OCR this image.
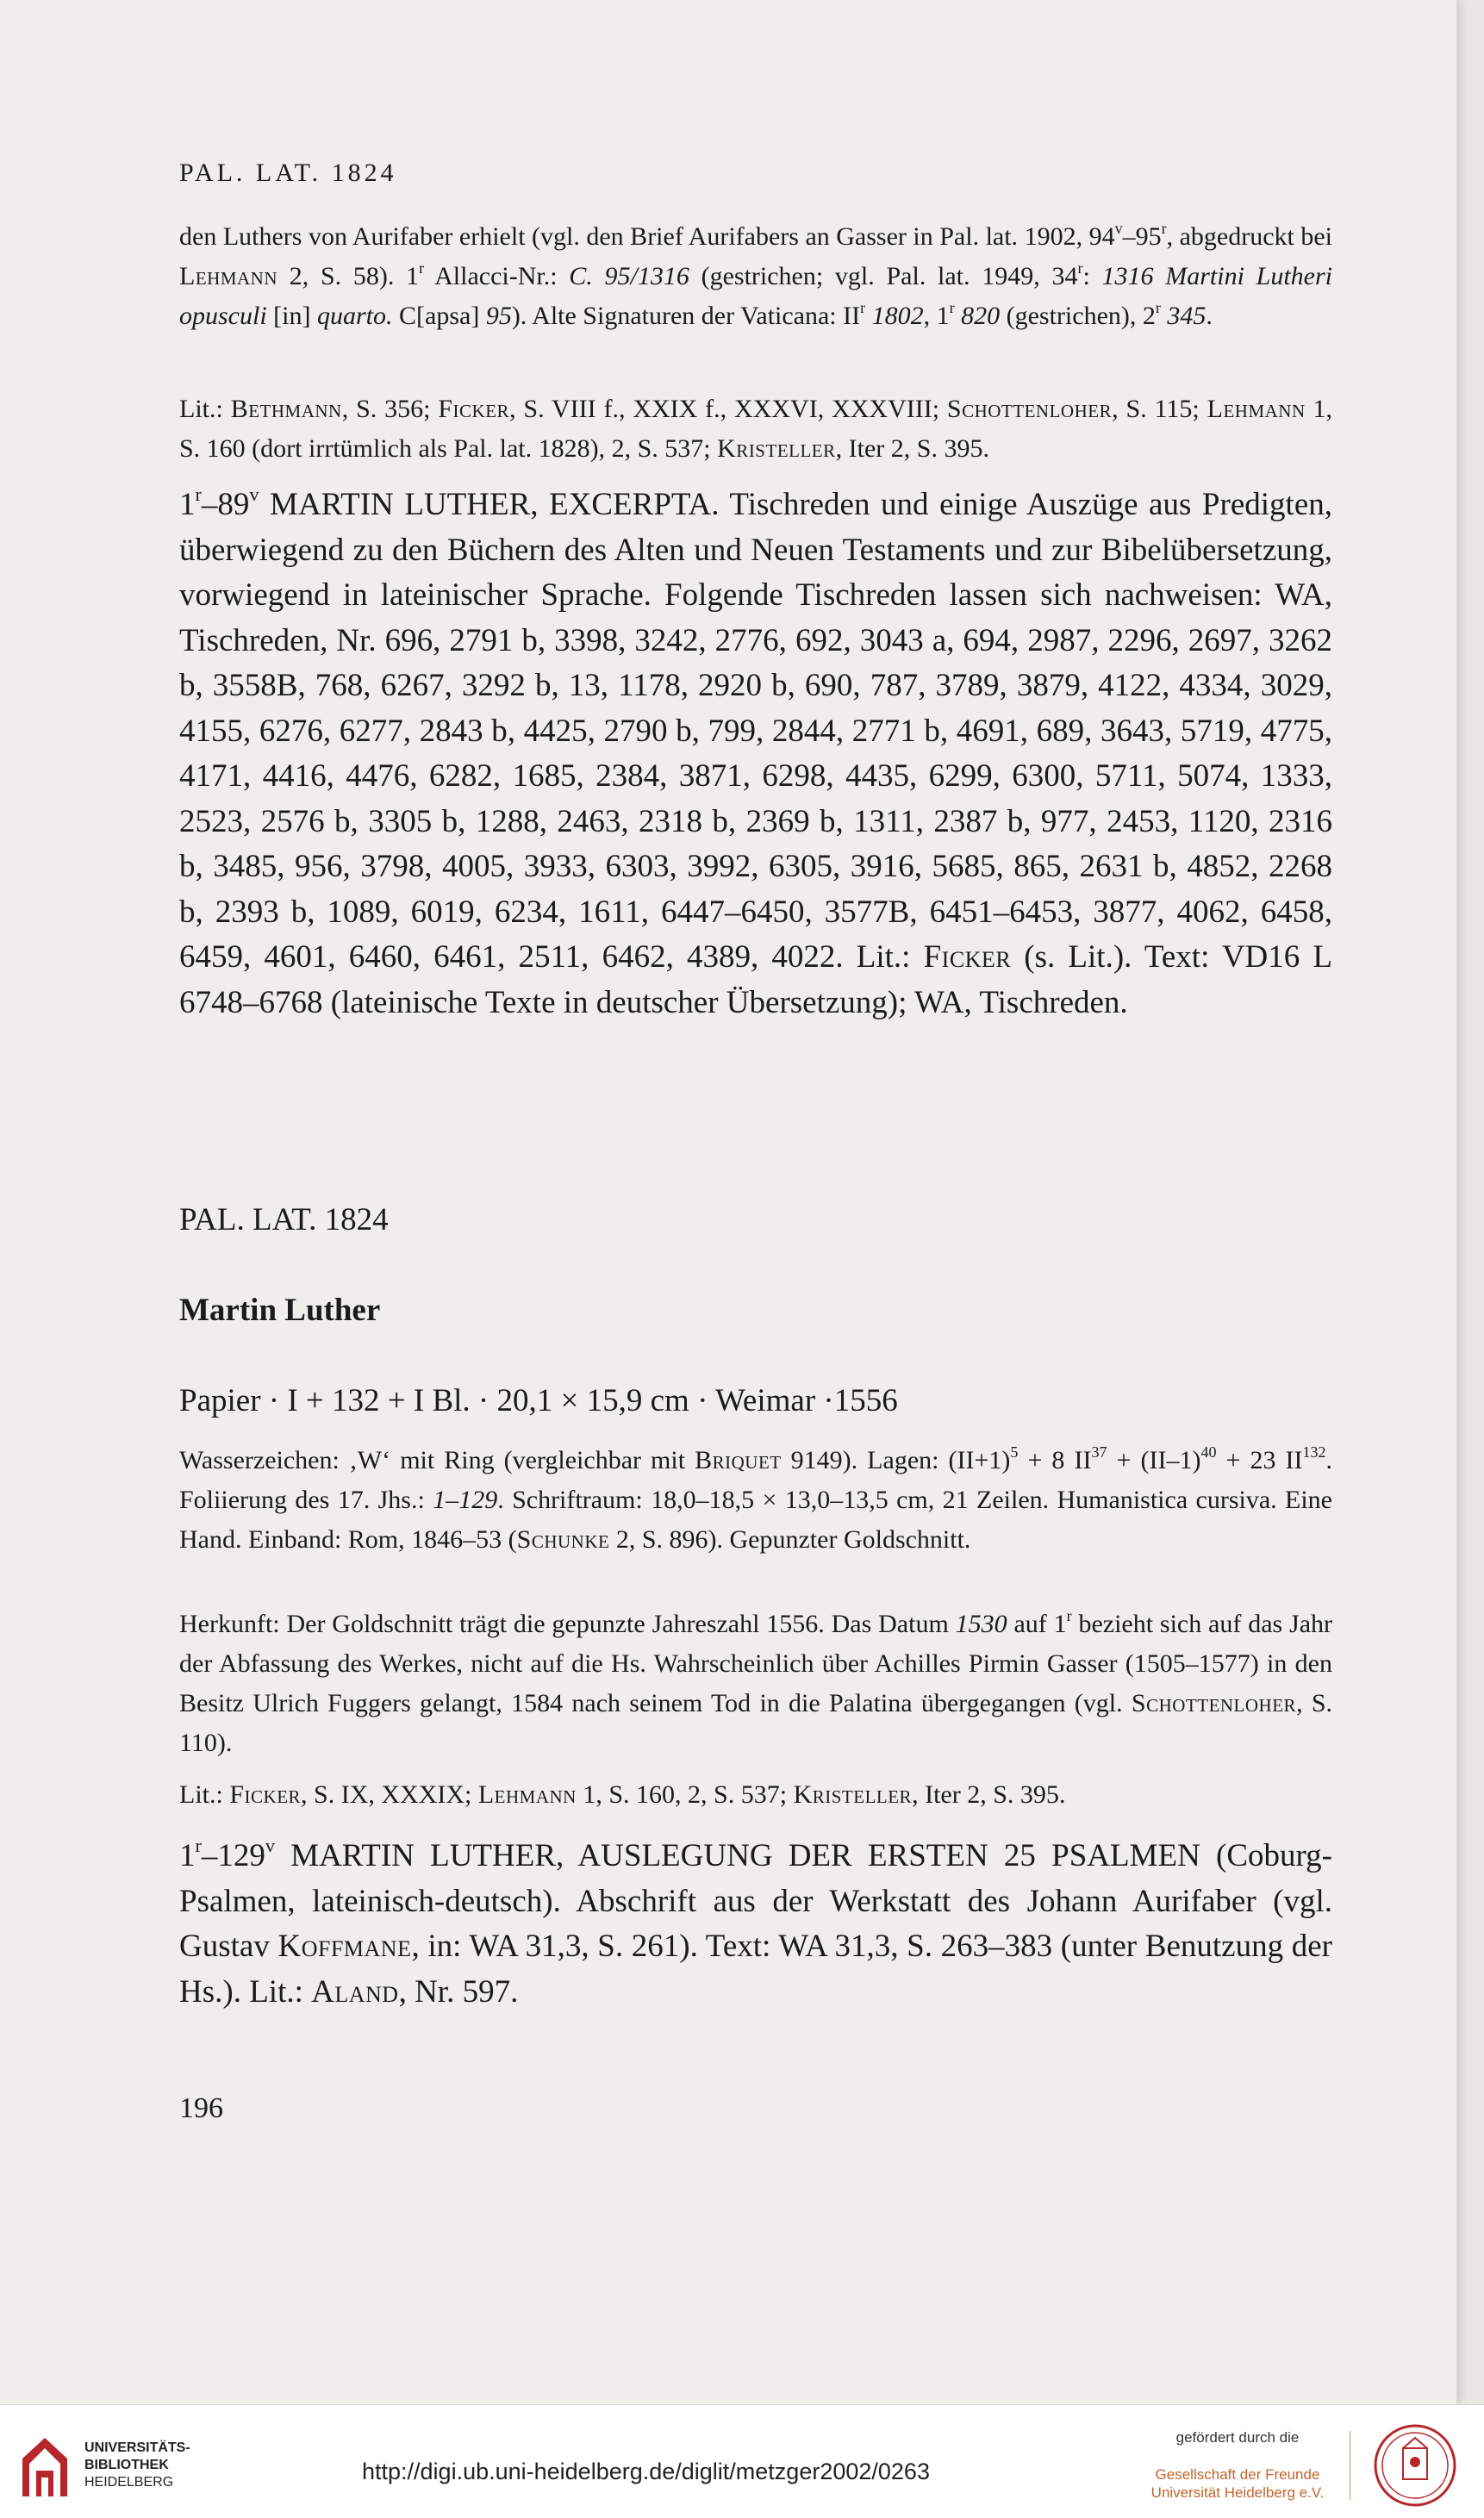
PAL. LAT. 1824
den Luthers von Aurifaber erhielt (vgl. den Brief Aurifabers an Gasser in Pal. lat. 1902, 94$^v$–95$^r$, abgedruckt bei Lehmann 2, S. 58). 1$^r$ Allacci-Nr.: C. 95/1316 (gestrichen; vgl. Pal. lat. 1949, 34$^r$: 1316 Martini Lutheri opusculi [in] quarto. C[apsa] 95). Alte Signaturen der Vaticana: $II^r$ 1802, 1$^r$ 820 (gestrichen), 2$^r$ 345.
Lit.: Bethmann, S. 356; Ficker, S. VIII f., XXIX f., XXXVI, XXXVIII; Schottenloher, S. 115; Lehmann 1, S. 160 (dort irrtümlich als Pal. lat. 1828), 2, S. 537; Kristeller, Iter 2, S. 395.
1$^r$–89$^v$ MARTIN LUTHER, EXCERPTA. Tischreden und einige Auszüge aus Predigten, überwiegend zu den Büchern des Alten und Neuen Testaments und zur Bibelübersetzung, vorwiegend in lateinischer Sprache. Folgende Tischreden lassen sich nachweisen: WA, Tischreden, Nr. 696, 2791 b, 3398, 3242, 2776, 692, 3043 a, 694, 2987, 2296, 2697, 3262 b, 3558B, 768, 6267, 3292 b, 13, 1178, 2920 b, 690, 787, 3789, 3879, 4122, 4334, 3029, 4155, 6276, 6277, 2843 b, 4425, 2790 b, 799, 2844, 2771 b, 4691, 689, 3643, 5719, 4775, 4171, 4416, 4476, 6282, 1685, 2384, 3871, 6298, 4435, 6299, 6300, 5711, 5074, 1333, 2523, 2576 b, 3305 b, 1288, 2463, 2318 b, 2369 b, 1311, 2387 b, 977, 2453, 1120, 2316 b, 3485, 956, 3798, 4005, 3933, 6303, 3992, 6305, 3916, 5685, 865, 2631 b, 4852, 2268 b, 2393 b, 1089, 6019, 6234, 1611, 6447–6450, 3577B, 6451–6453, 3877, 4062, 6458, 6459, 4601, 6460, 6461, 2511, 6462, 4389, 4022. Lit.: Ficker (s. Lit.). Text: VD16 L 6748–6768 (lateinische Texte in deutscher Übersetzung); WA, Tischreden.
PAL. LAT. 1824
Martin Luther
Papier · I + 132 + I Bl. · 20,1 × 15,9 cm · Weimar ·1556
Wasserzeichen: ‚W‘ mit Ring (vergleichbar mit Briquet 9149). Lagen: $(II+1)^5 + 8$ $II^{37} + (II-1)^{40} + 23$ II$^{132}$. Foliierung des 17. Jhs.: 1–129. Schriftraum: 18,0–18,5 × 13,0–13,5 cm, 21 Zeilen. Humanistica cursiva. Eine Hand. Einband: Rom, 1846–53 (Schunke 2, S. 896). Gepunzter Goldschnitt.
Herkunft: Der Goldschnitt trägt die gepunzte Jahreszahl 1556. Das Datum 1530 auf 1$^r$ bezieht sich auf das Jahr der Abfassung des Werkes, nicht auf die Hs. Wahrscheinlich über Achilles Pirmin Gasser (1505–1577) in den Besitz Ulrich Fuggers gelangt, 1584 nach seinem Tod in die Palatina übergegangen (vgl. Schottenloher, S. 110).
Lit.: Ficker, S. IX, XXXIX; Lehmann 1, S. 160, 2, S. 537; Kristeller, Iter 2, S. 395.
1$^r$–129$^v$ MARTIN LUTHER, AUSLEGUNG DER ERSTEN 25 PSALMEN (Coburg-Psalmen, lateinisch-deutsch). Abschrift aus der Werkstatt des Johann Aurifaber (vgl. Gustav Koffmane, in: WA 31,3, S. 261). Text: WA 31,3, S. 263–383 (unter Benutzung der Hs.). Lit.: Aland, Nr. 597.
196
UNIVERSITÄTS-
BIBLIOTHEK
HEIDELBERG	http://digi.ub.uni-heidelberg.de/diglit/metzger2002/0263
gefördert durch die
Gesellschaft der Freunde
Universität Heidelberg e.V.
